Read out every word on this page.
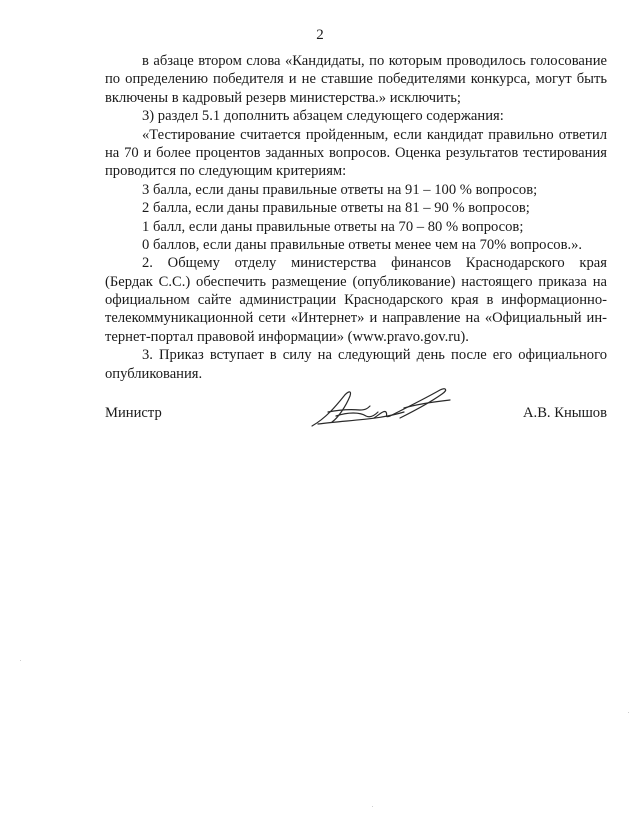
2
в абзаце втором слова «Кандидаты, по которым проводилось голосование
по определению победителя и не ставшие победителями конкурса, могут быть
включены в кадровый резерв министерства.» исключить;
3) раздел 5.1 дополнить абзацем следующего содержания:
«Тестирование считается пройденным, если кандидат правильно ответил
на 70 и более процентов заданных вопросов. Оценка результатов тестирования
проводится по следующим критериям:
3 балла, если даны правильные ответы на 91 – 100 % вопросов;
2 балла, если даны правильные ответы на 81 – 90 % вопросов;
1 балл, если даны правильные ответы на 70 – 80 % вопросов;
0 баллов, если даны правильные ответы менее чем на 70% вопросов.».
2. Общему отделу министерства финансов Краснодарского края
(Бердак С.С.) обеспечить размещение (опубликование) настоящего приказа на
официальном сайте администрации Краснодарского края в информационно-
телекоммуникационной сети «Интернет» и направление на «Официальный ин-
тернет-портал правовой информации» (www.pravo.gov.ru).
3. Приказ вступает в силу на следующий день после его официального
опубликования.
Министр	А.В. Кнышов
